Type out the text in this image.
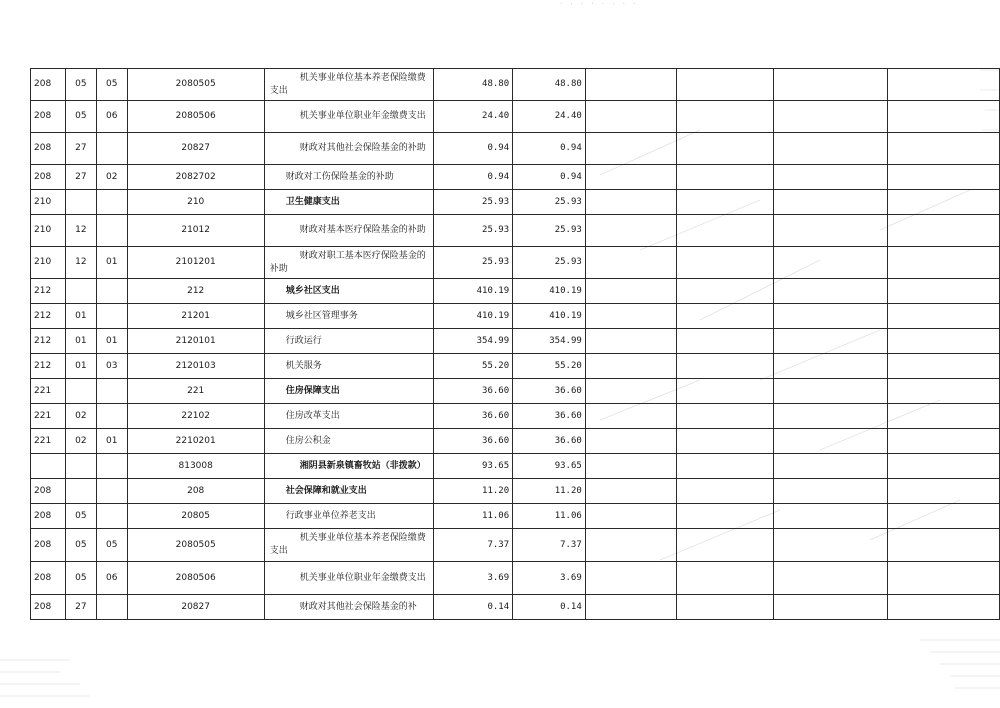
· · · · · · · ·
208	05	05	2080505	机关事业单位基本养老保险缴费支出	48.80	48.80				
208	05	06	2080506	机关事业单位职业年金缴费支出	24.40	24.40				
208	27		20827	财政对其他社会保险基金的补助	0.94	0.94				
208	27	02	2082702	财政对工伤保险基金的补助	0.94	0.94				
210			210	卫生健康支出	25.93	25.93				
210	12		21012	财政对基本医疗保险基金的补助	25.93	25.93				
210	12	01	2101201	财政对职工基本医疗保险基金的补助	25.93	25.93				
212			212	城乡社区支出	410.19	410.19				
212	01		21201	城乡社区管理事务	410.19	410.19				
212	01	01	2120101	行政运行	354.99	354.99				
212	01	03	2120103	机关服务	55.20	55.20				
221			221	住房保障支出	36.60	36.60				
221	02		22102	住房改革支出	36.60	36.60				
221	02	01	2210201	住房公积金	36.60	36.60				
			813008	湘阴县新泉镇畜牧站（非拨款）	93.65	93.65				
208			208	社会保障和就业支出	11.20	11.20				
208	05		20805	行政事业单位养老支出	11.06	11.06				
208	05	05	2080505	机关事业单位基本养老保险缴费支出	7.37	7.37				
208	05	06	2080506	机关事业单位职业年金缴费支出	3.69	3.69				
208	27		20827	财政对其他社会保险基金的补	0.14	0.14				
